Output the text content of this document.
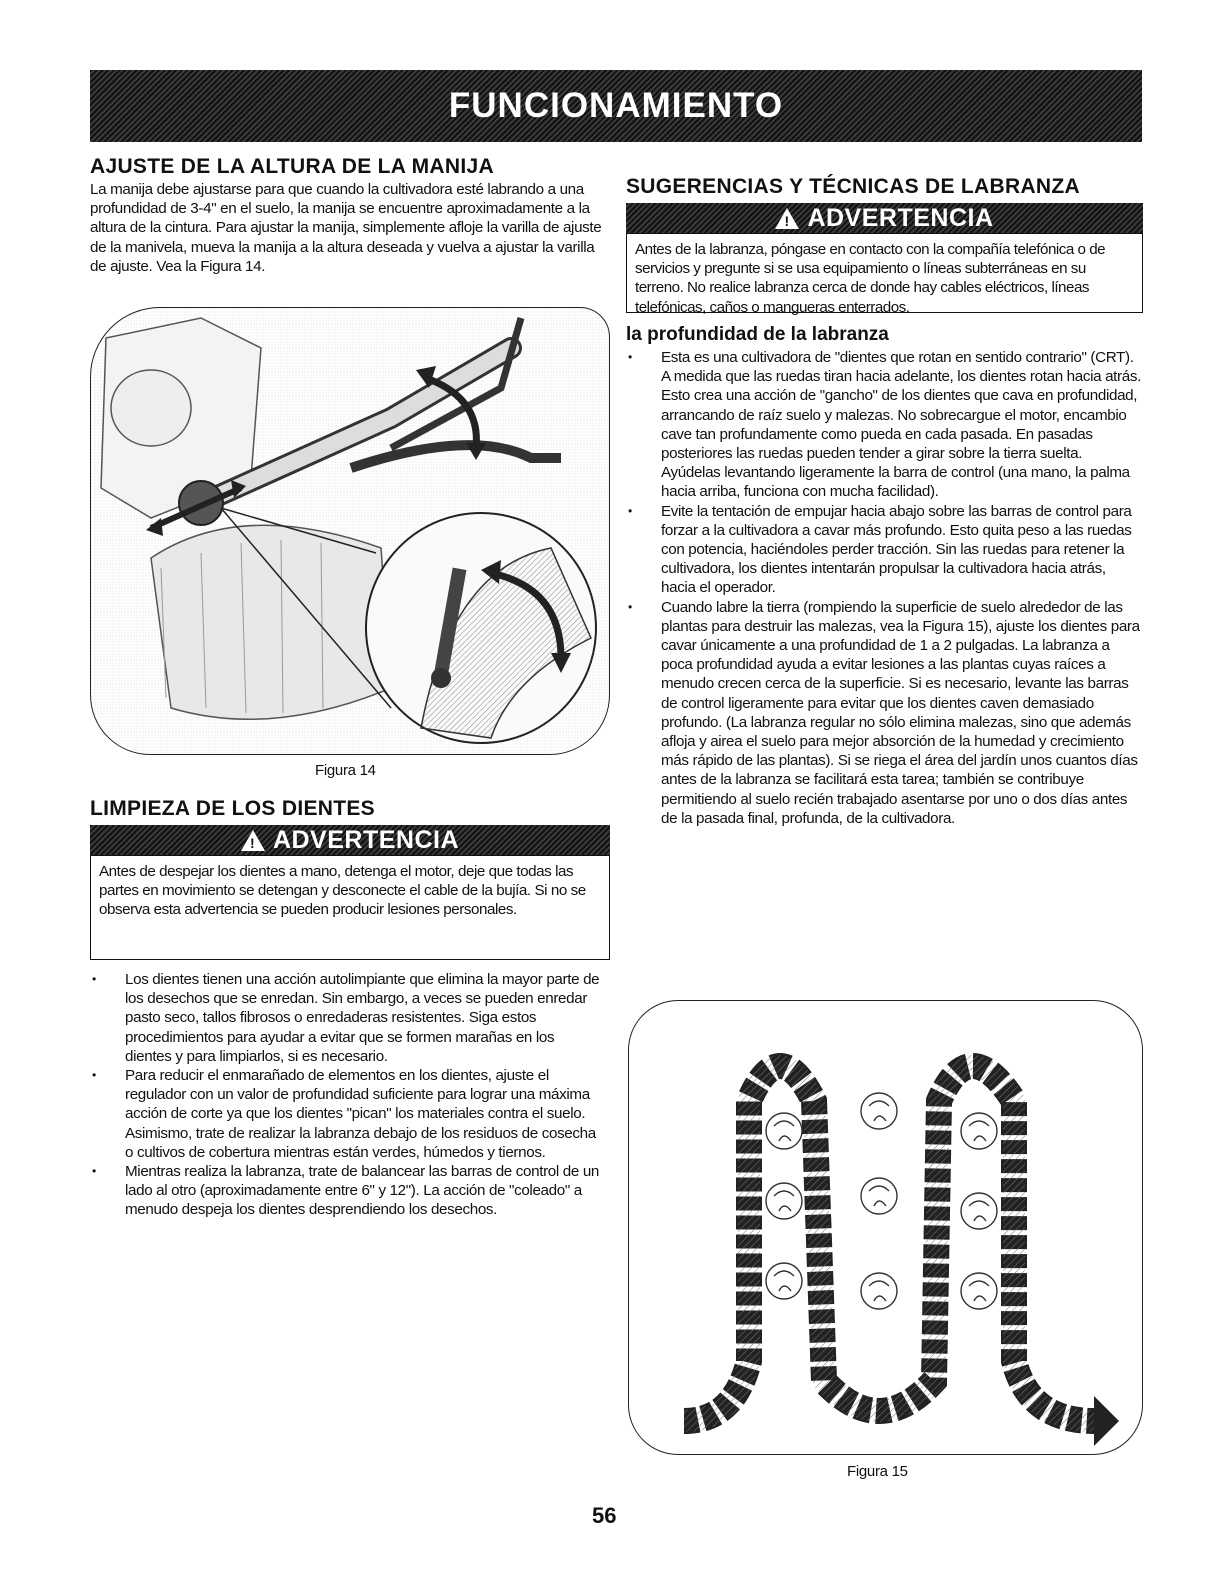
FUNCIONAMIENTO
AJUSTE DE LA ALTURA DE LA MANIJA
La manija debe ajustarse para que cuando la cultivadora esté labrando a una profundidad de 3-4" en el suelo, la manija se encuentre aproximadamente a la altura de la cintura. Para ajustar la manija, simplemente afloje la varilla de ajuste de la manivela, mueva la manija a la altura deseada y vuelva a ajustar la varilla de ajuste. Vea la Figura 14.
Figura 14
LIMPIEZA DE LOS DIENTES
!
ADVERTENCIA
Antes de despejar los dientes a mano, detenga el motor, deje que todas las partes en movimiento se detengan y desconecte el cable de la bujía. Si no se observa esta advertencia se pueden producir lesiones personales.
• Los dientes tienen una acción autolimpiante que elimina la mayor parte de los desechos que se enredan. Sin embargo, a veces se pueden enredar pasto seco, tallos fibrosos o enredaderas resistentes. Siga estos procedimientos para ayudar a evitar que se formen marañas en los dientes y para limpiarlos, si es necesario.
• Para reducir el enmarañado de elementos en los dientes, ajuste el regulador con un valor de profundidad suficiente para lograr una máxima acción de corte ya que los dientes "pican" los materiales contra el suelo. Asimismo, trate de realizar la labranza debajo de los residuos de cosecha o cultivos de cobertura mientras están verdes, húmedos y tiernos.
• Mientras realiza la labranza, trate de balancear las barras de control de un lado al otro (aproximadamente entre 6" y 12"). La acción de "coleado" a menudo despeja los dientes desprendiendo los desechos.
SUGERENCIAS Y TÉCNICAS DE LABRANZA
!
ADVERTENCIA
Antes de la labranza, póngase en contacto con la compañía telefónica o de servicios y pregunte si se usa equipamiento o líneas subterráneas en su terreno. No realice labranza cerca de donde hay cables eléctricos, líneas telefónicas, caños o mangueras enterrados.
la profundidad de la labranza
• Esta es una cultivadora de "dientes que rotan en sentido contrario" (CRT). A medida que las ruedas tiran hacia adelante, los dientes rotan hacia atrás. Esto crea una acción de "gancho" de los dientes que cava en profundidad, arrancando de raíz suelo y malezas. No sobrecargue el motor, encambio cave tan profundamente como pueda en cada pasada. En pasadas posteriores las ruedas pueden tender a girar sobre la tierra suelta. Ayúdelas levantando ligeramente la barra de control (una mano, la palma hacia arriba, funciona con mucha facilidad).
• Evite la tentación de empujar hacia abajo sobre las barras de control para forzar a la cultivadora a cavar más profundo. Esto quita peso a las ruedas con potencia, haciéndoles perder tracción. Sin las ruedas para retener la cultivadora, los dientes intentarán propulsar la cultivadora hacia atrás, hacia el operador.
• Cuando labre la tierra (rompiendo la superficie de suelo alrededor de las plantas para destruir las malezas, vea la Figura 15), ajuste los dientes para cavar únicamente a una profundidad de 1 a 2 pulgadas. La labranza a poca profundidad ayuda a evitar lesiones a las plantas cuyas raíces a menudo crecen cerca de la superficie. Si es necesario, levante las barras de control ligeramente para evitar que los dientes caven demasiado profundo. (La labranza regular no sólo elimina malezas, sino que además afloja y airea el suelo para mejor absorción de la humedad y crecimiento más rápido de las plantas). Si se riega el área del jardín unos cuantos días antes de la labranza se facilitará esta tarea; también se contribuye permitiendo al suelo recién trabajado asentarse por uno o dos días antes de la pasada final, profunda, de la cultivadora.
Figura 15
56
